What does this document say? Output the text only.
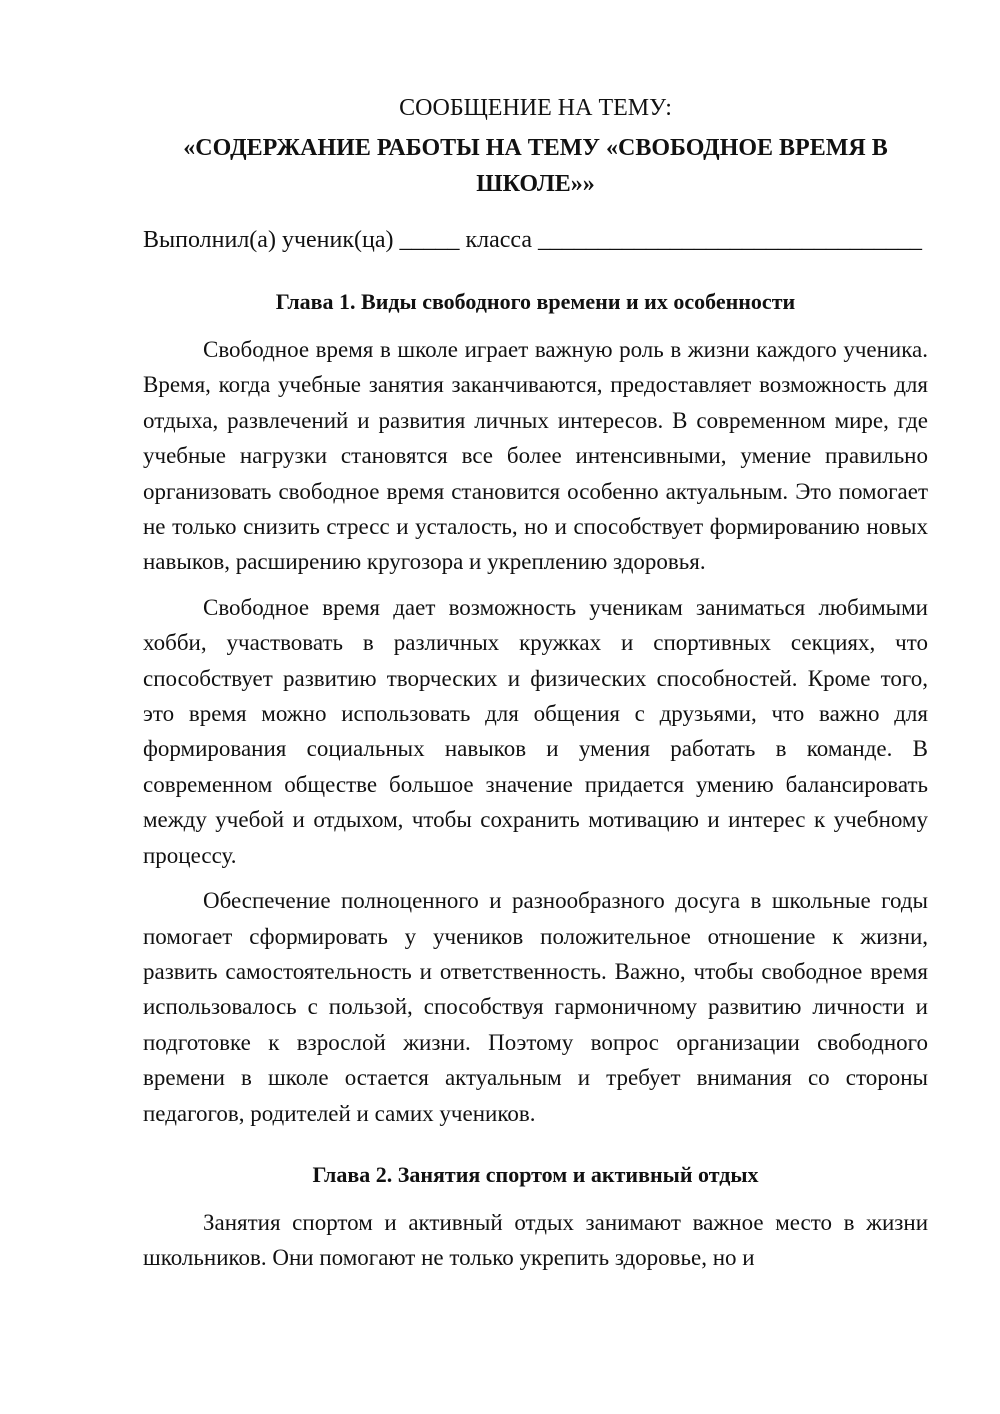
СООБЩЕНИЕ НА ТЕМУ:
«СОДЕРЖАНИЕ РАБОТЫ НА ТЕМУ «СВОБОДНОЕ ВРЕМЯ В ШКОЛЕ»»
Выполнил(а) ученик(ца) _____ класса ________________________________
Глава 1. Виды свободного времени и их особенности

Свободное время в школе играет важную роль в жизни каждого ученика. Время, когда учебные занятия заканчиваются, предоставляет возможность для отдыха, развлечений и развития личных интересов. В современном мире, где учебные нагрузки становятся все более интенсивными, умение правильно организовать свободное время становится особенно актуальным. Это помогает не только снизить стресс и усталость, но и способствует формированию новых навыков, расширению кругозора и укреплению здоровья.

Свободное время дает возможность ученикам заниматься любимыми хобби, участвовать в различных кружках и спортивных секциях, что способствует развитию творческих и физических способностей. Кроме того, это время можно использовать для общения с друзьями, что важно для формирования социальных навыков и умения работать в команде. В современном обществе большое значение придается умению балансировать между учебой и отдыхом, чтобы сохранить мотивацию и интерес к учебному процессу.

Обеспечение полноценного и разнообразного досуга в школьные годы помогает сформировать у учеников положительное отношение к жизни, развить самостоятельность и ответственность. Важно, чтобы свободное время использовалось с пользой, способствуя гармоничному развитию личности и подготовке к взрослой жизни. Поэтому вопрос организации свободного времени в школе остается актуальным и требует внимания со стороны педагогов, родителей и самих учеников.

Глава 2. Занятия спортом и активный отдых

Занятия спортом и активный отдых занимают важное место в жизни школьников. Они помогают не только укрепить здоровье, но и
